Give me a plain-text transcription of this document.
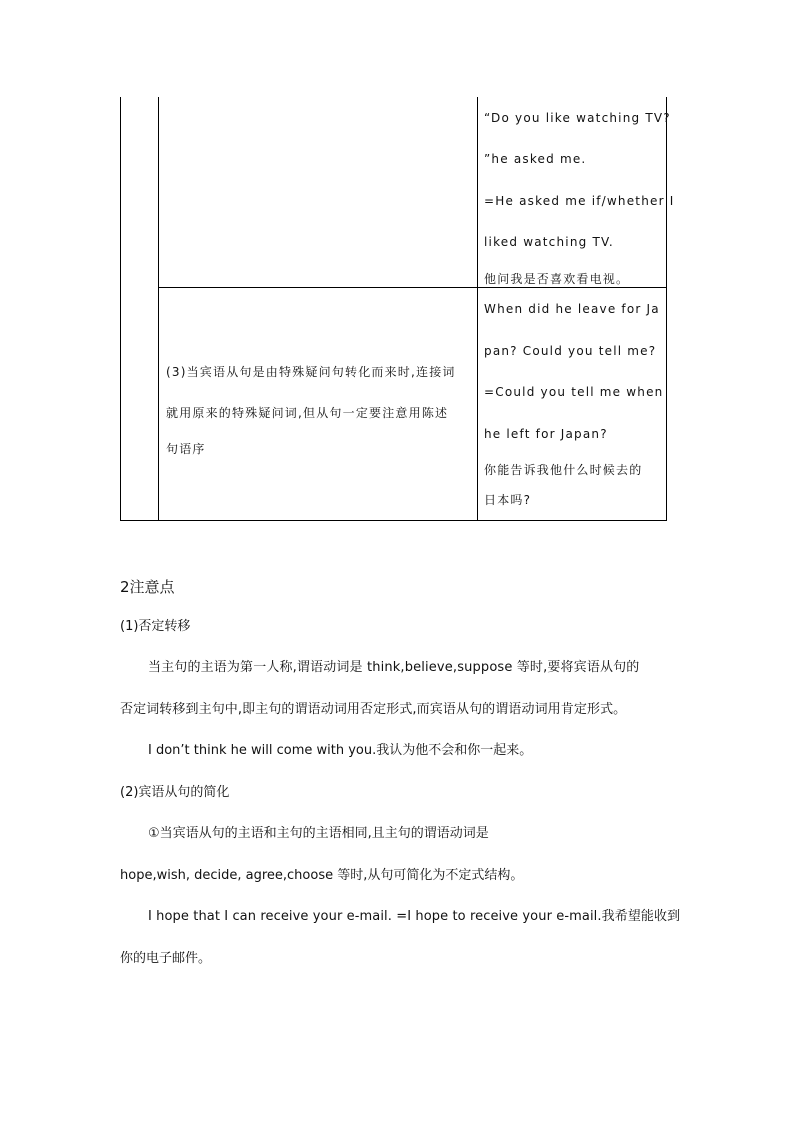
“Do you like watching TV?
”he asked me.
=He asked me if/whether I
liked watching TV.
他问我是否喜欢看电视。
(3)当宾语从句是由特殊疑问句转化而来时,连接词
就用原来的特殊疑问词,但从句一定要注意用陈述
句语序
When did he leave for Ja
pan? Could you tell me?
=Could you tell me when
he left for Japan?
你能告诉我他什么时候去的
日本吗?
2注意点
(1)否定转移
当主句的主语为第一人称,谓语动词是 think,believe,suppose 等时,要将宾语从句的
否定词转移到主句中,即主句的谓语动词用否定形式,而宾语从句的谓语动词用肯定形式。
I don’t think he will come with you.我认为他不会和你一起来。
(2)宾语从句的简化
①当宾语从句的主语和主句的主语相同,且主句的谓语动词是
hope,wish, decide, agree,choose 等时,从句可简化为不定式结构。
I hope that I can receive your e-mail. =I hope to receive your e-mail.我希望能收到
你的电子邮件。
